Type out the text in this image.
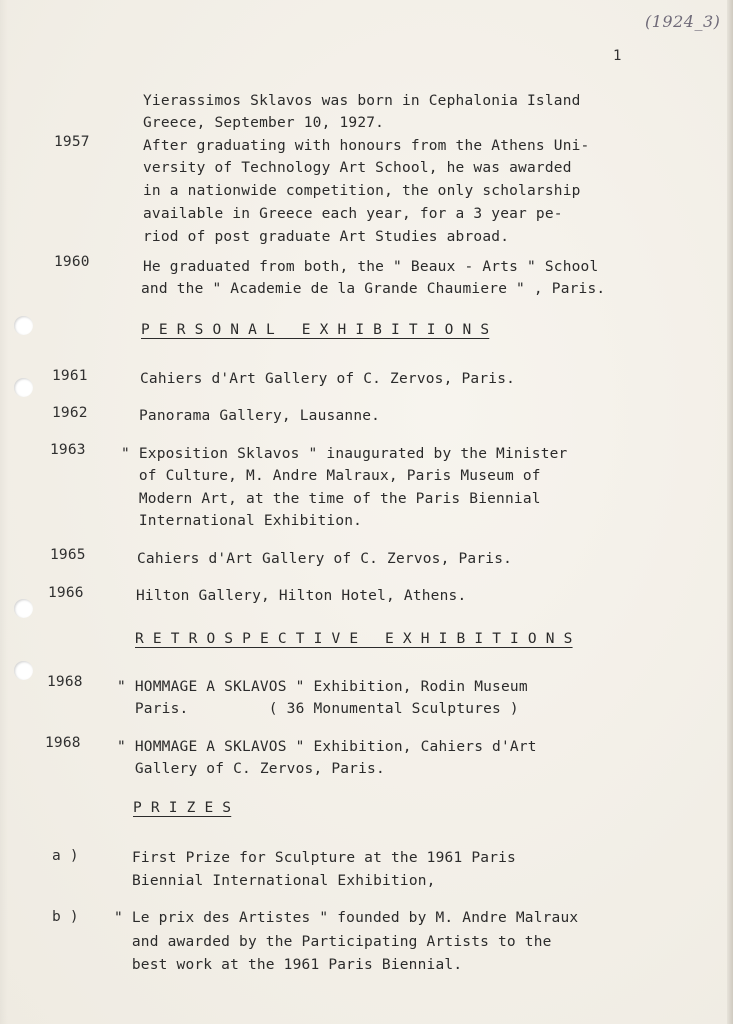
(1924_3)
1
Yierassimos Sklavos was born in Cephalonia Island
Greece, September 10, 1927.
1957	After graduating with honours from the Athens Uni-
versity of Technology Art School, he was awarded
in a nationwide competition, the only scholarship
available in Greece each year, for a 3 year pe-
riod of post graduate Art Studies abroad.
1960	He graduated from both, the " Beaux - Arts " School
and the " Academie de la Grande Chaumiere " , Paris.
P E R S O N A L   E X H I B I T I O N S
1961	Cahiers d'Art Gallery of C. Zervos, Paris.
1962	Panorama Gallery, Lausanne.
1963 " Exposition Sklavos " inaugurated by the Minister
of Culture, M. Andre Malraux, Paris Museum of
Modern Art, at the time of the Paris Biennial
International Exhibition.
1965	Cahiers d'Art Gallery of C. Zervos, Paris.
1966	Hilton Gallery, Hilton Hotel, Athens.
R E T R O S P E C T I V E   E X H I B I T I O N S
1968 " HOMMAGE A SKLAVOS " Exhibition, Rodin Museum
Paris.         ( 36 Monumental Sculptures )
1968	" HOMMAGE A SKLAVOS " Exhibition, Cahiers d'Art
Gallery of C. Zervos, Paris.
P R I Z E S
a )	First Prize for Sculpture at the 1961 Paris
Biennial International Exhibition,
b ) " Le prix des Artistes " founded by M. Andre Malraux
and awarded by the Participating Artists to the
best work at the 1961 Paris Biennial.
